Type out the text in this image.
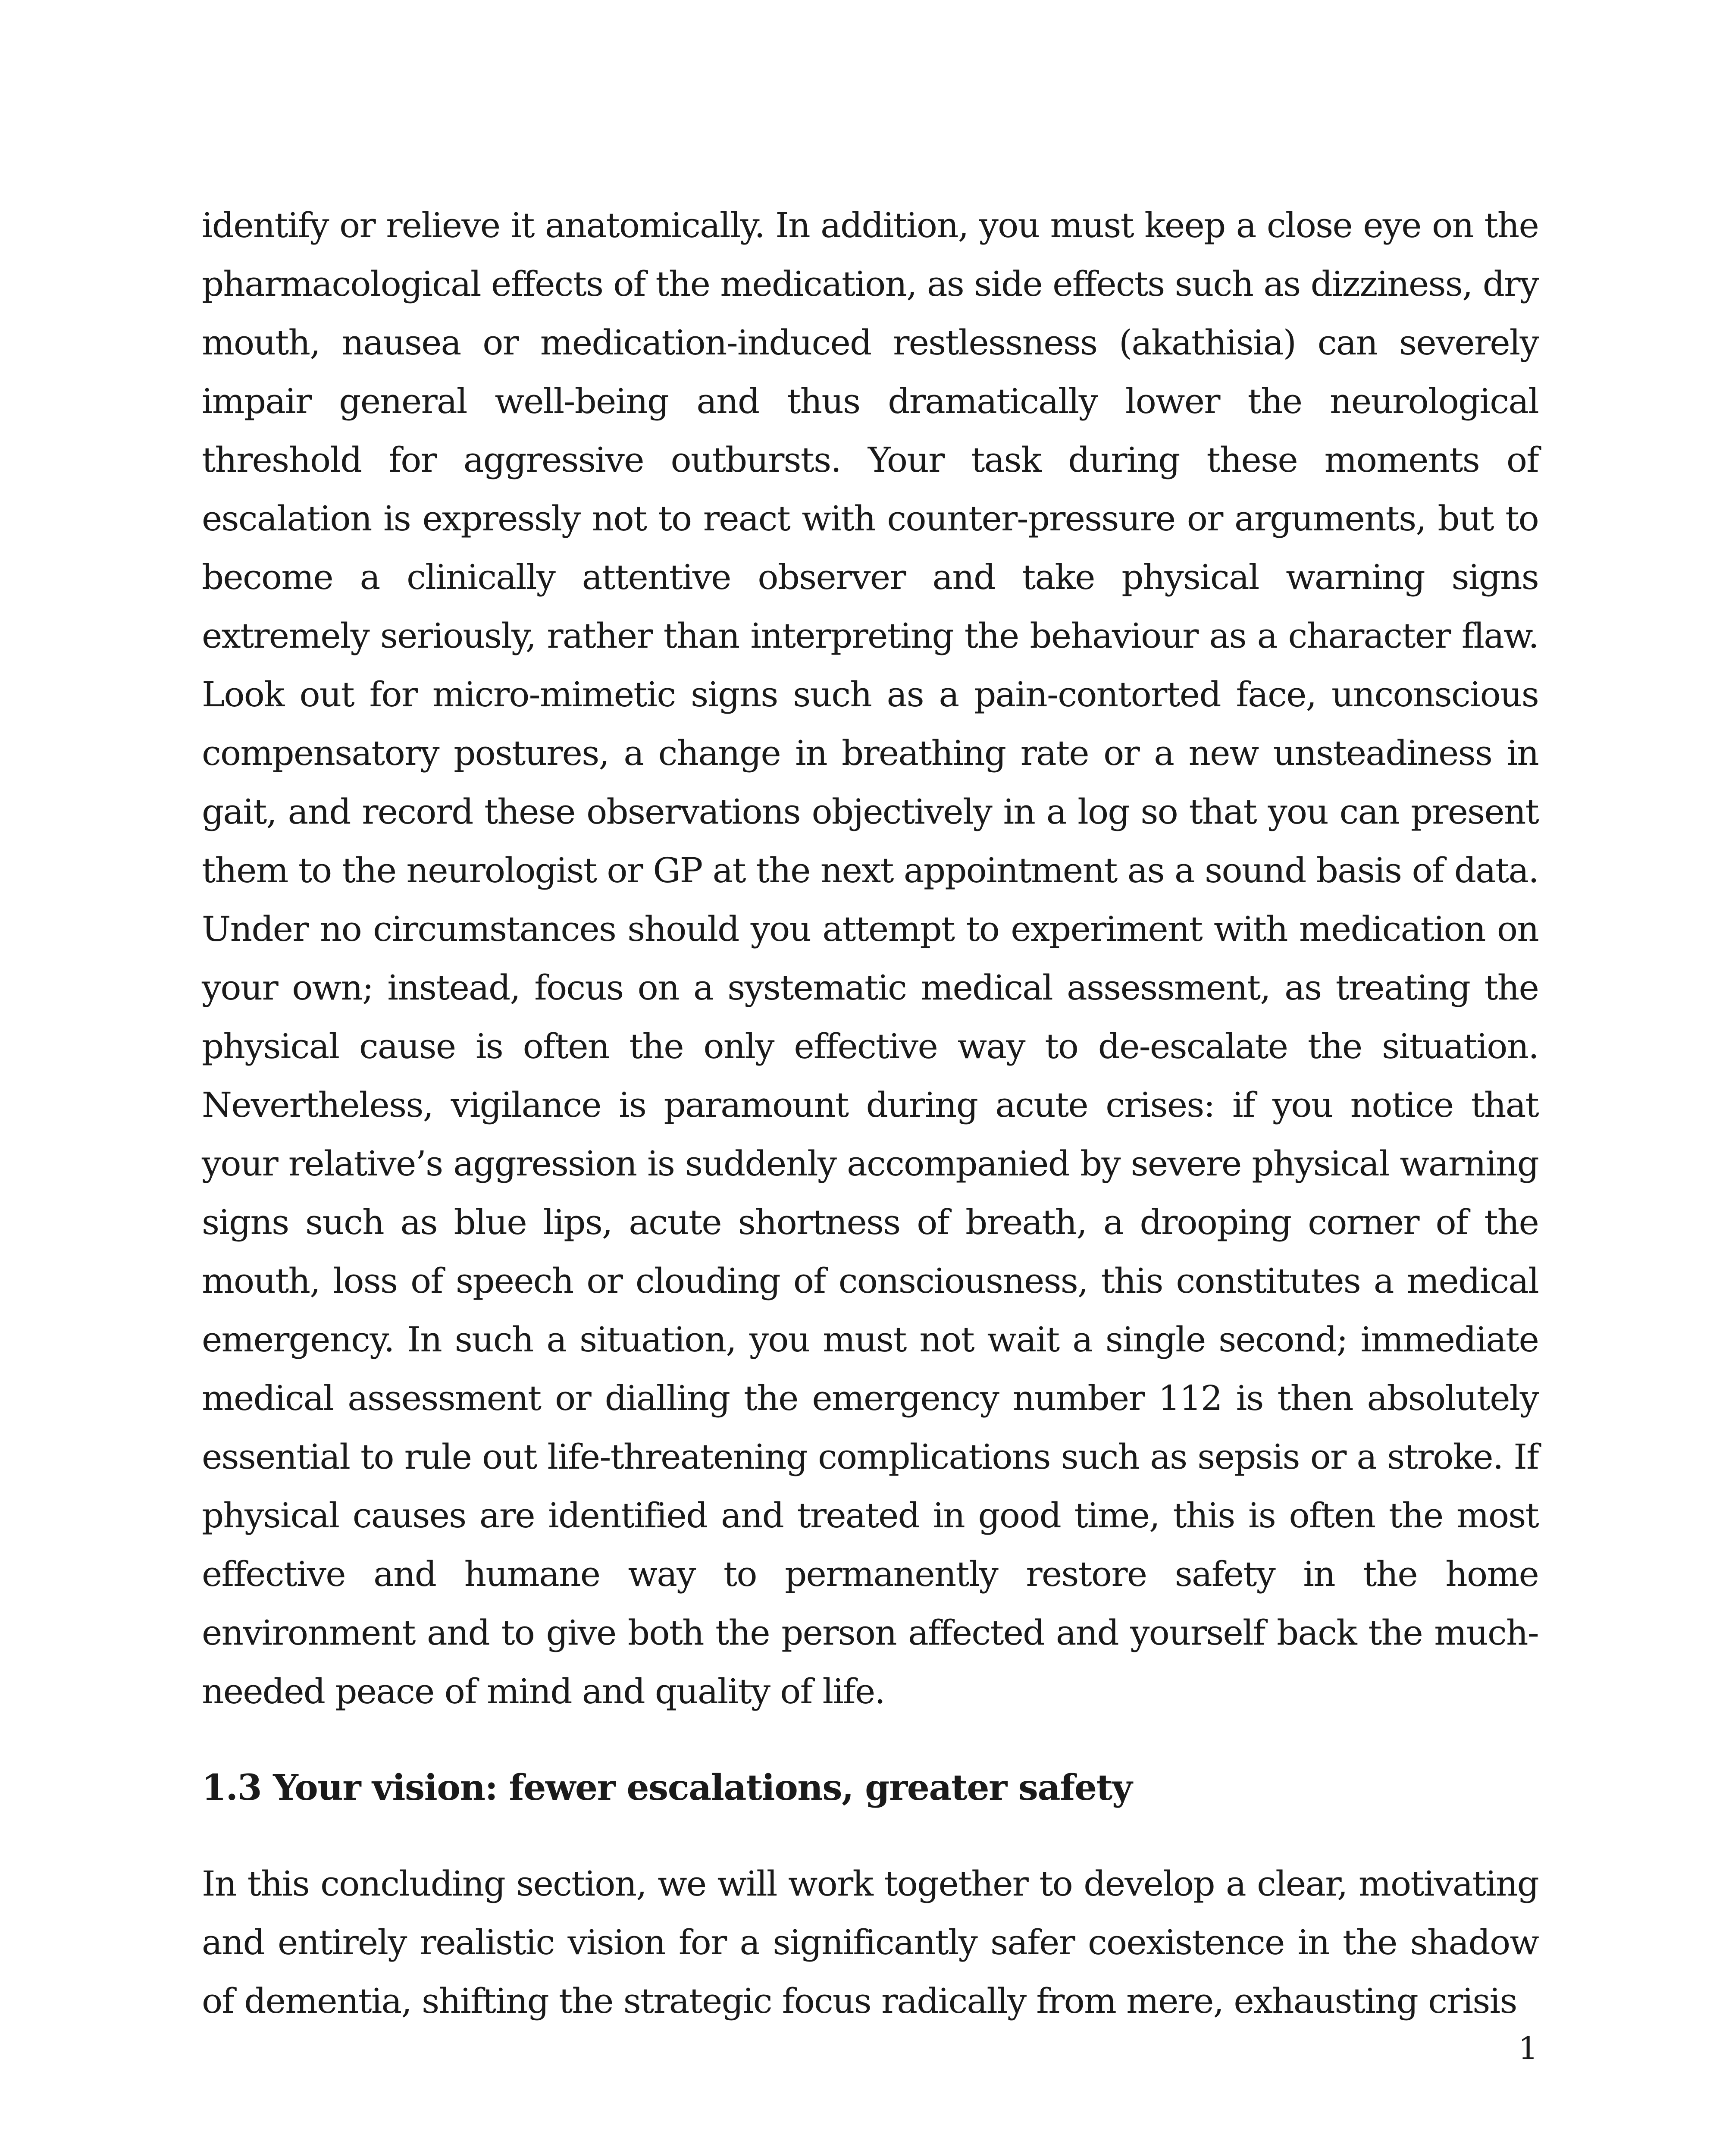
identify or relieve it anatomically. In addition, you must keep a close eye on the pharmacological effects of the medication, as side effects such as dizziness, dry mouth, nausea or medication-induced restlessness (akathisia) can severely impair general well-being and thus dramatically lower the neurological threshold for aggressive outbursts. Your task during these moments of escalation is expressly not to react with counter-pressure or arguments, but to become a clinically attentive observer and take physical warning signs extremely seriously, rather than interpreting the behaviour as a character flaw. Look out for micro-mimetic signs such as a pain-contorted face, unconscious compensatory postures, a change in breathing rate or a new unsteadiness in gait, and record these observations objectively in a log so that you can present them to the neurologist or GP at the next appointment as a sound basis of data. Under no circumstances should you attempt to experiment with medication on your own; instead, focus on a systematic medical assessment, as treating the physical cause is often the only effective way to de-escalate the situation. Nevertheless, vigilance is paramount during acute crises: if you notice that your relative’s aggression is suddenly accompanied by severe physical warning signs such as blue lips, acute shortness of breath, a drooping corner of the mouth, loss of speech or clouding of consciousness, this constitutes a medical emergency. In such a situation, you must not wait a single second; immediate medical assessment or dialling the emergency number 112 is then absolutely essential to rule out life-threatening complications such as sepsis or a stroke. If physical causes are identified and treated in good time, this is often the most effective and humane way to permanently restore safety in the home environment and to give both the person affected and yourself back the much-needed peace of mind and quality of life.

1.3 Your vision: fewer escalations, greater safety

In this concluding section, we will work together to develop a clear, motivating and entirely realistic vision for a significantly safer coexistence in the shadow of dementia, shifting the strategic focus radically from mere, exhausting crisis

1
